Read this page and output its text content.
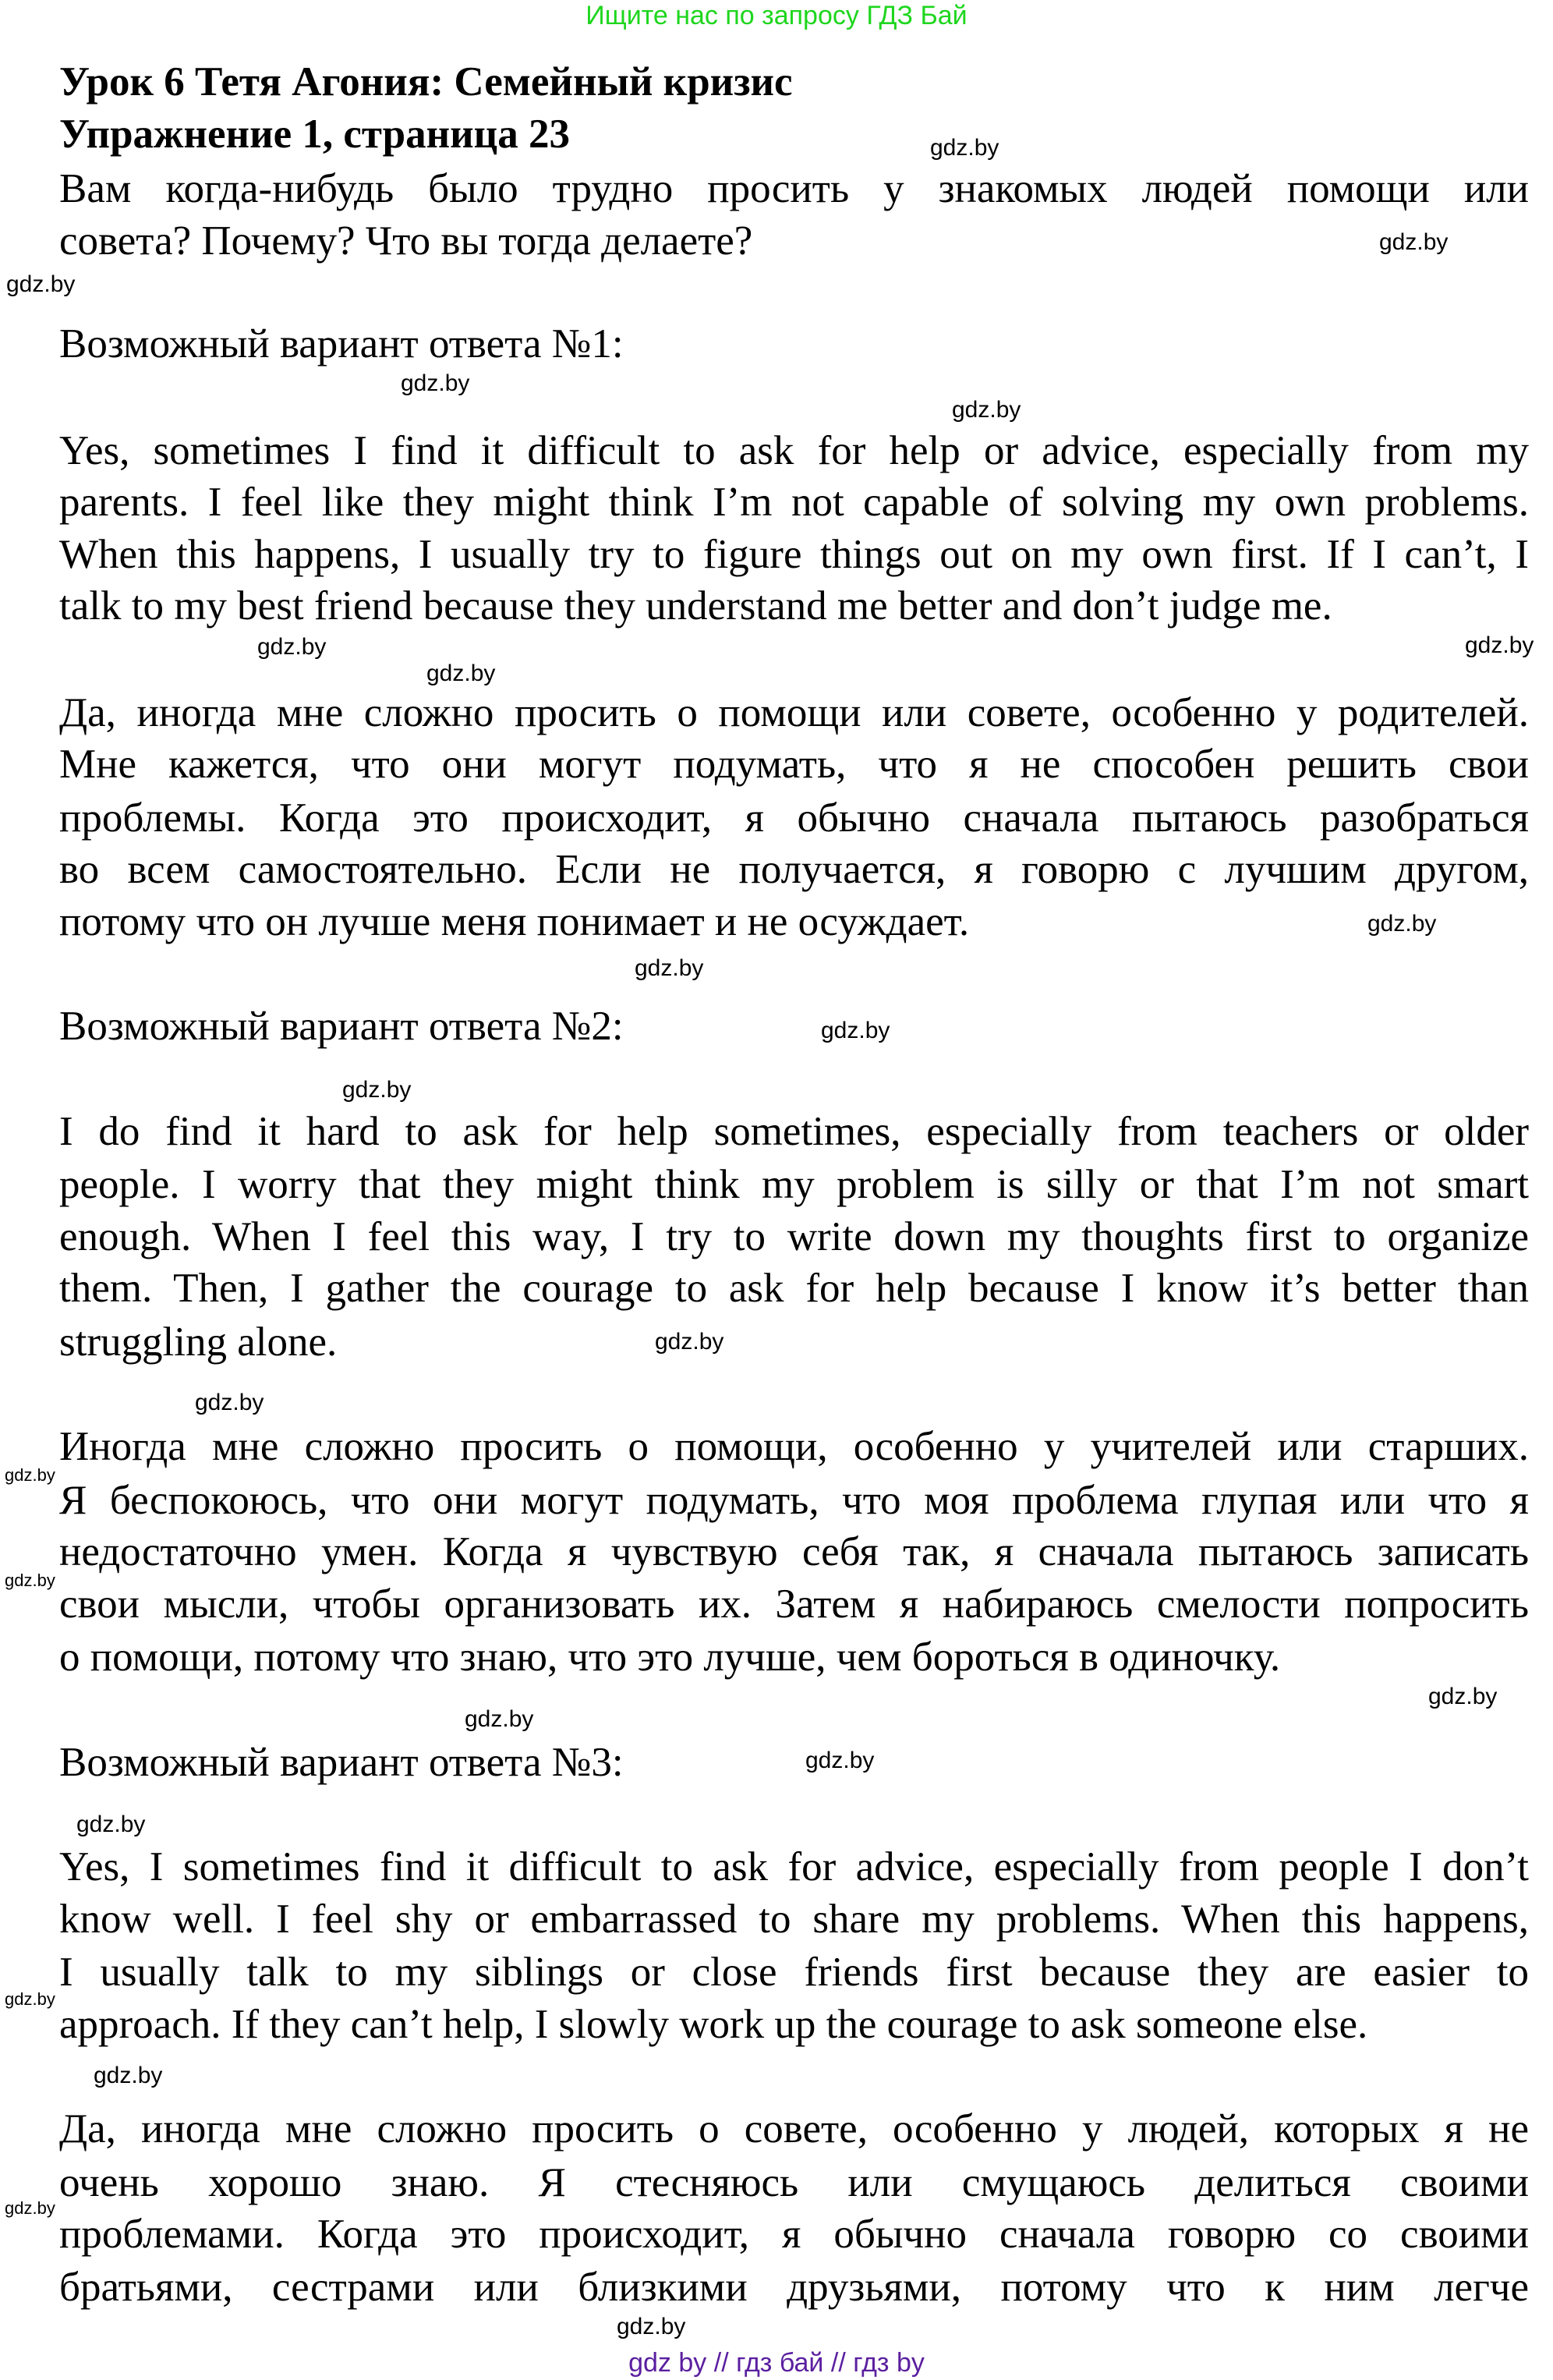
Ищите нас по запросу ГДЗ Бай
Урок 6 Тетя Агония: Семейный кризис
Упражнение 1, страница 23
Вам когда-нибудь было трудно просить у знакомых людей помощи или
совета? Почему? Что вы тогда делаете?
Возможный вариант ответа №1:
Yes, sometimes I find it difficult to ask for help or advice, especially from my
parents. I feel like they might think I’m not capable of solving my own problems.
When this happens, I usually try to figure things out on my own first. If I can’t, I
talk to my best friend because they understand me better and don’t judge me.
Да, иногда мне сложно просить о помощи или совете, особенно у родителей.
Мне кажется, что они могут подумать, что я не способен решить свои
проблемы. Когда это происходит, я обычно сначала пытаюсь разобраться
во всем самостоятельно. Если не получается, я говорю с лучшим другом,
потому что он лучше меня понимает и не осуждает.
Возможный вариант ответа №2:
I do find it hard to ask for help sometimes, especially from teachers or older
people. I worry that they might think my problem is silly or that I’m not smart
enough. When I feel this way, I try to write down my thoughts first to organize
them. Then, I gather the courage to ask for help because I know it’s better than
struggling alone.
Иногда мне сложно просить о помощи, особенно у учителей или старших.
Я беспокоюсь, что они могут подумать, что моя проблема глупая или что я
недостаточно умен. Когда я чувствую себя так, я сначала пытаюсь записать
свои мысли, чтобы организовать их. Затем я набираюсь смелости попросить
о помощи, потому что знаю, что это лучше, чем бороться в одиночку.
Возможный вариант ответа №3:
Yes, I sometimes find it difficult to ask for advice, especially from people I don’t
know well. I feel shy or embarrassed to share my problems. When this happens,
I usually talk to my siblings or close friends first because they are easier to
approach. If they can’t help, I slowly work up the courage to ask someone else.
Да, иногда мне сложно просить о совете, особенно у людей, которых я не
очень хорошо знаю. Я стесняюсь или смущаюсь делиться своими
проблемами. Когда это происходит, я обычно сначала говорю со своими
братьями, сестрами или близкими друзьями, потому что к ним легче
gdz.by
gdz.by
gdz.by
gdz.by
gdz.by
gdz.by
gdz.by
gdz.by
gdz.by
gdz.by
gdz.by
gdz.by
gdz.by
gdz.by
gdz.by
gdz.by
gdz.by
gdz.by
gdz.by
gdz.by
gdz.by
gdz.by
gdz.by
gdz.by
gdz by // гдз бай // гдз by
